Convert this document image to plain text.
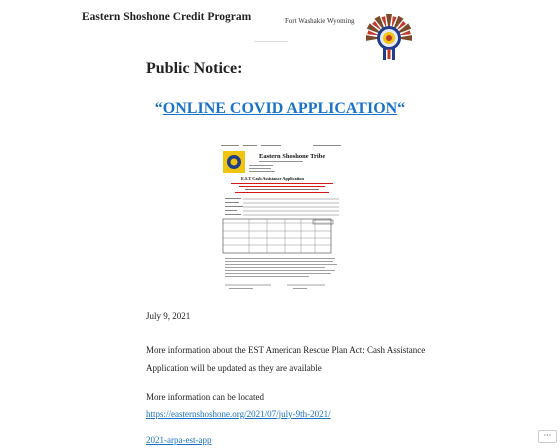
Eastern Shoshone Credit Program	Fort Washakie Wyoming
Public Notice:
“ONLINE COVID APPLICATION“
Eastern Shoshone Tribe
E.S.T Cash Assistance Application

July 9, 2021

More information about the EST American Rescue Plan Act: Cash Assistance Application will be updated as they are available

More information can be located
https://easternshoshone.org/2021/07/july-9th-2021/

2021-arpa-est-app	···
